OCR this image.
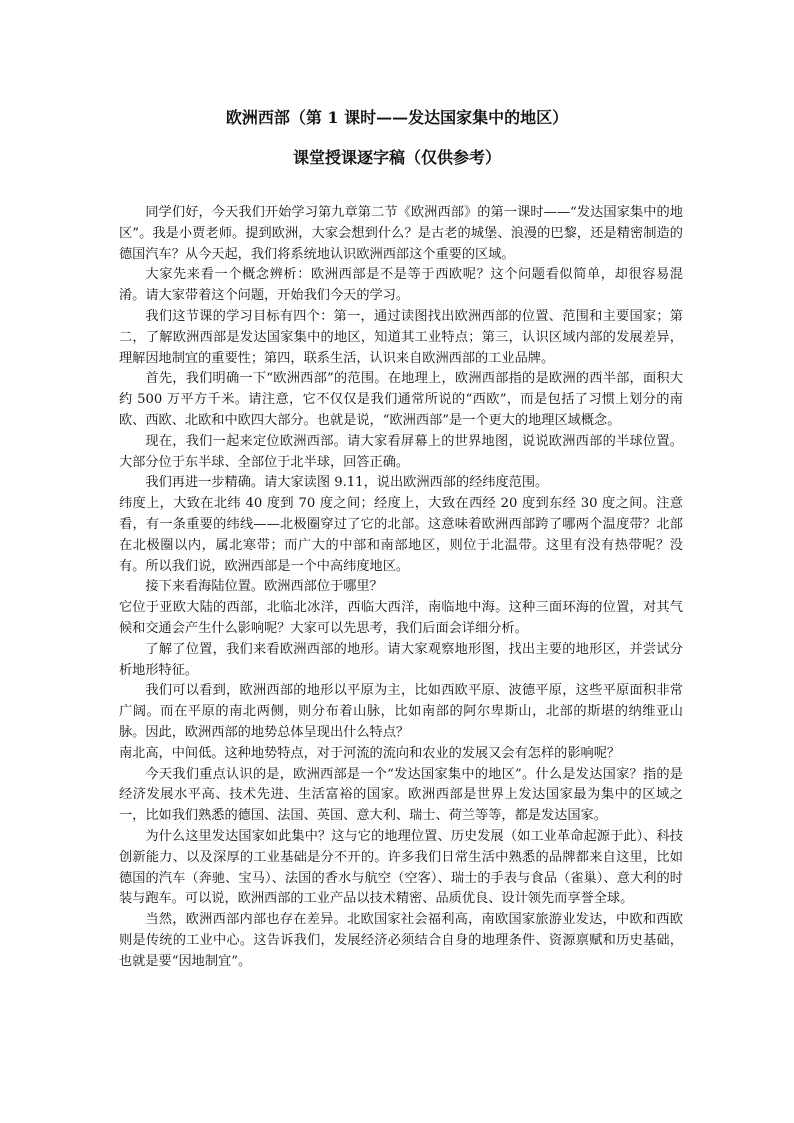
欧洲西部（第 1 课时——发达国家集中的地区）
课堂授课逐字稿（仅供参考）

同学们好，今天我们开始学习第九章第二节《欧洲西部》的第一课时——“发达国家集中的地区”。我是小贾老师。提到欧洲，大家会想到什么？是古老的城堡、浪漫的巴黎，还是精密制造的德国汽车？从今天起，我们将系统地认识欧洲西部这个重要的区域。

大家先来看一个概念辨析：欧洲西部是不是等于西欧呢？这个问题看似简单，却很容易混淆。请大家带着这个问题，开始我们今天的学习。

我们这节课的学习目标有四个：第一，通过读图找出欧洲西部的位置、范围和主要国家；第二，了解欧洲西部是发达国家集中的地区，知道其工业特点；第三，认识区域内部的发展差异，理解因地制宜的重要性；第四，联系生活，认识来自欧洲西部的工业品牌。

首先，我们明确一下“欧洲西部”的范围。在地理上，欧洲西部指的是欧洲的西半部，面积大约 500 万平方千米。请注意，它不仅仅是我们通常所说的“西欧”，而是包括了习惯上划分的南欧、西欧、北欧和中欧四大部分。也就是说，“欧洲西部”是一个更大的地理区域概念。

现在，我们一起来定位欧洲西部。请大家看屏幕上的世界地图，说说欧洲西部的半球位置。大部分位于东半球、全部位于北半球，回答正确。

我们再进一步精确。请大家读图 9.11，说出欧洲西部的经纬度范围。

纬度上，大致在北纬 40 度到 70 度之间；经度上，大致在西经 20 度到东经 30 度之间。注意看，有一条重要的纬线——北极圈穿过了它的北部。这意味着欧洲西部跨了哪两个温度带？北部在北极圈以内，属北寒带；而广大的中部和南部地区，则位于北温带。这里有没有热带呢？没有。所以我们说，欧洲西部是一个中高纬度地区。

接下来看海陆位置。欧洲西部位于哪里？

它位于亚欧大陆的西部，北临北冰洋，西临大西洋，南临地中海。这种三面环海的位置，对其气候和交通会产生什么影响呢？大家可以先思考，我们后面会详细分析。

了解了位置，我们来看欧洲西部的地形。请大家观察地形图，找出主要的地形区，并尝试分析地形特征。

我们可以看到，欧洲西部的地形以平原为主，比如西欧平原、波德平原，这些平原面积非常广阔。而在平原的南北两侧，则分布着山脉，比如南部的阿尔卑斯山，北部的斯堪的纳维亚山脉。因此，欧洲西部的地势总体呈现出什么特点？

南北高，中间低。这种地势特点，对于河流的流向和农业的发展又会有怎样的影响呢？

今天我们重点认识的是，欧洲西部是一个“发达国家集中的地区”。什么是发达国家？指的是经济发展水平高、技术先进、生活富裕的国家。欧洲西部是世界上发达国家最为集中的区域之一，比如我们熟悉的德国、法国、英国、意大利、瑞士、荷兰等等，都是发达国家。

为什么这里发达国家如此集中？这与它的地理位置、历史发展（如工业革命起源于此）、科技创新能力、以及深厚的工业基础是分不开的。许多我们日常生活中熟悉的品牌都来自这里，比如德国的汽车（奔驰、宝马）、法国的香水与航空（空客）、瑞士的手表与食品（雀巢）、意大利的时装与跑车。可以说，欧洲西部的工业产品以技术精密、品质优良、设计领先而享誉全球。

当然，欧洲西部内部也存在差异。北欧国家社会福利高，南欧国家旅游业发达，中欧和西欧则是传统的工业中心。这告诉我们，发展经济必须结合自身的地理条件、资源禀赋和历史基础，也就是要“因地制宜”。
